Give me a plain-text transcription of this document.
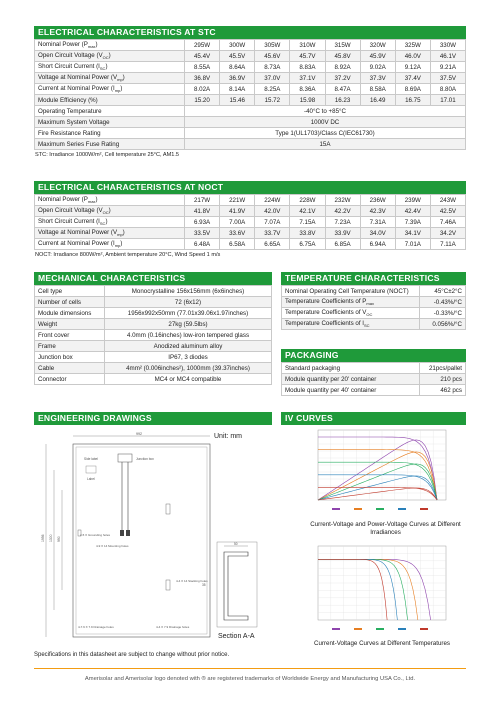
ELECTRICAL CHARACTERISTICS AT STC
Nominal Power $(P_{max})$	295W	300W	305W	310W	315W	320W	325W	330W
Open Circuit Voltage $(V_{OC})$	45.4V	45.5V	45.6V	45.7V	45.8V	45.9V	46.0V	46.1V
Short Circuit Current $(I_{SC})$	8.55A	8.64A	8.73A	8.83A	8.92A	9.02A	9.12A	9.21A
Voltage at Nominal Power $(V_{mp})$	36.8V	36.9V	37.0V	37.1V	37.2V	37.3V	37.4V	37.5V
Current at Nominal Power $(I_{mp})$	8.02A	8.14A	8.25A	8.36A	8.47A	8.58A	8.69A	8.80A
Module Efficiency (%)	15.20	15.46	15.72	15.98	16.23	16.49	16.75	17.01
Operating Temperature	-40°C to +85°C							
Maximum System Voltage	1000V DC							
Fire Resistance Rating	Type 1(UL1703)/Class C(IEC61730)							
Maximum Series Fuse Rating	15A							
STC: Irradiance 1000W/m², Cell temperature 25°C, AM1.5
ELECTRICAL CHARACTERISTICS AT NOCT
Nominal Power $(P_{max})$	217W	221W	224W	228W	232W	236W	239W	243W
Open Circuit Voltage $(V_{OC})$	41.8V	41.9V	42.0V	42.1V	42.2V	42.3V	42.4V	42.5V
Short Circuit Current $(I_{SC})$	6.93A	7.00A	7.07A	7.15A	7.23A	7.31A	7.39A	7.46A
Voltage at Nominal Power $(V_{mp})$	33.5V	33.6V	33.7V	33.8V	33.9V	34.0V	34.1V	34.2V
Current at Nominal Power $(I_{mp})$	6.48A	6.58A	6.65A	6.75A	6.85A	6.94A	7.01A	7.11A
NOCT: Irradiance 800W/m², Ambient temperature 20°C, Wind Speed 1 m/s
MECHANICAL CHARACTERISTICS
Cell type	Monocrystalline 156x156mm (6x6inches)
Number of cells	72 (6x12)
Module dimensions	1956x992x50mm (77.01x39.06x1.97inches)
Weight	27kg (59.5lbs)
Front cover	4.0mm (0.16inches) low-iron tempered glass
Frame	Anodized aluminum alloy
Junction box	IP67, 3 diodes
Cable	4mm² (0.006inches²), 1000mm (39.37inches)
Connector	MC4 or MC4 compatible
TEMPERATURE CHARACTERISTICS
Nominal Operating Cell Temperature (NOCT)	45°C±2°C
Temperature Coefficients of $P_{max}$	-0.43%/°C
Temperature Coefficients of $V_{OC}$	-0.33%/°C
Temperature Coefficients of $I_{SC}$	0.056%/°C
PACKAGING
Standard packaging	21pcs/pallet
Module quantity per 20' container	210 pcs
Module quantity per 40' container	462 pcs
ENGINEERING DRAWINGS
Unit: mm
992
1956 1300 990
Junction box
Side label
Label
2-5 X Grounding holes
4-4 X 14 Stacking holes
4-7.9 X 7.9 Drainage holes	4-4 X 7.9 Drainage holes
4-9 X 14 Mounting holes	50
35
Section A-A
IV CURVES
Current-Voltage and Power-Voltage Curves at Different Irradiances
Current-Voltage Curves at Different Temperatures
Specifications in this datasheet are subject to change without prior notice.
Amerisolar and Amerisolar logo denoted with ® are registered trademarks of Worldwide Energy and Manufacturing USA Co., Ltd.
